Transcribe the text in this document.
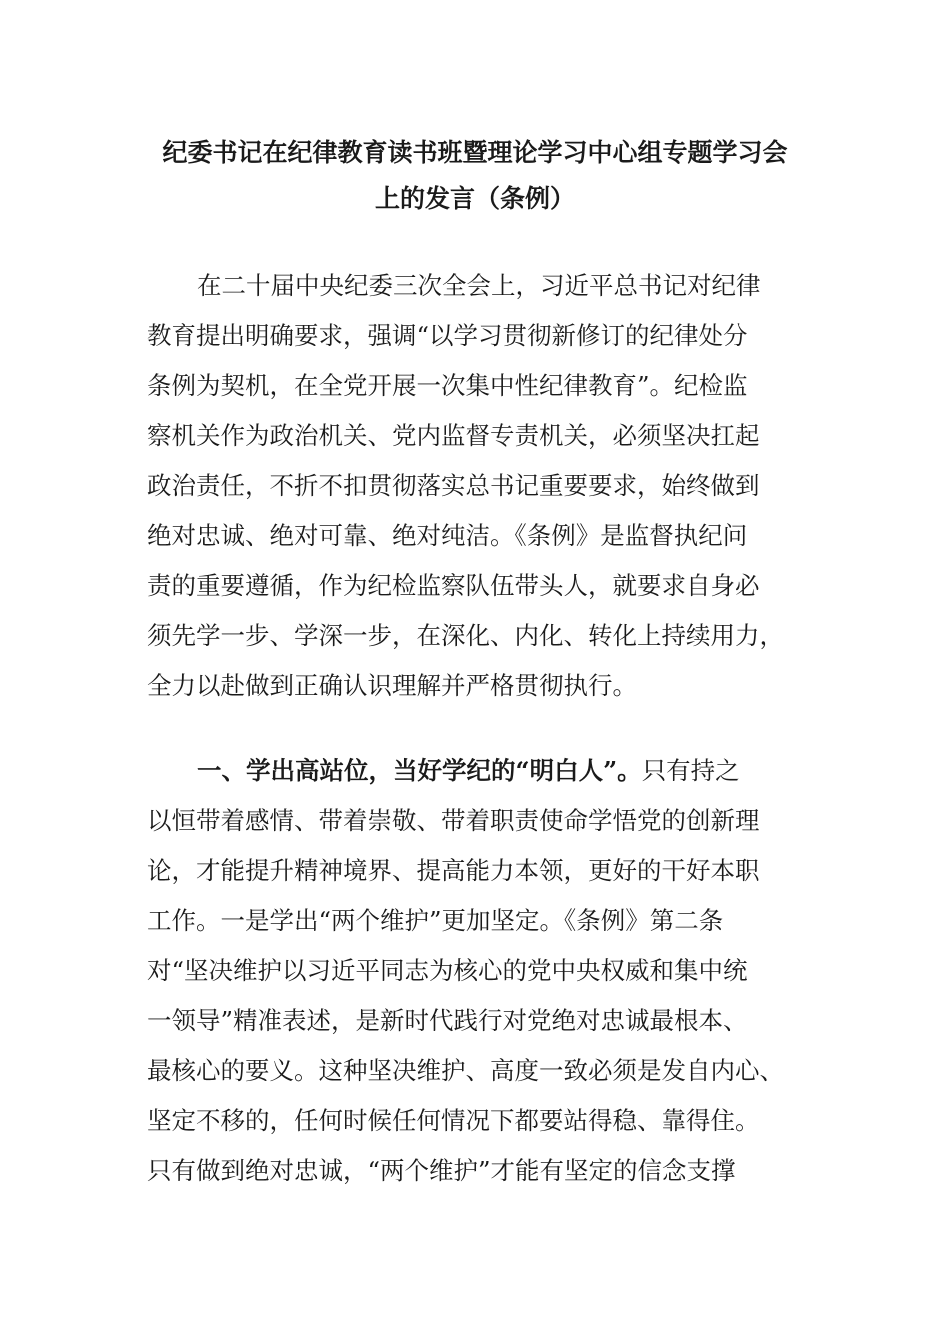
纪委书记在纪律教育读书班暨理论学习中心组专题学习会
上的发言（条例）
在二十届中央纪委三次全会上，习近平总书记对纪律
教育提出明确要求，强调“以学习贯彻新修订的纪律处分
条例为契机，在全党开展一次集中性纪律教育”。纪检监
察机关作为政治机关、党内监督专责机关，必须坚决扛起
政治责任，不折不扣贯彻落实总书记重要要求，始终做到
绝对忠诚、绝对可靠、绝对纯洁。《条例》是监督执纪问
责的重要遵循，作为纪检监察队伍带头人，就要求自身必
须先学一步、学深一步，在深化、内化、转化上持续用力，
全力以赴做到正确认识理解并严格贯彻执行。
一、学出高站位，当好学纪的“明白人”。只有持之
以恒带着感情、带着崇敬、带着职责使命学悟党的创新理
论，才能提升精神境界、提高能力本领，更好的干好本职
工作。一是学出“两个维护”更加坚定。《条例》第二条
对“坚决维护以习近平同志为核心的党中央权威和集中统
一领导”精准表述，是新时代践行对党绝对忠诚最根本、
最核心的要义。这种坚决维护、高度一致必须是发自内心、
坚定不移的，任何时候任何情况下都要站得稳、靠得住。
只有做到绝对忠诚，“两个维护”才能有坚定的信念支撑
